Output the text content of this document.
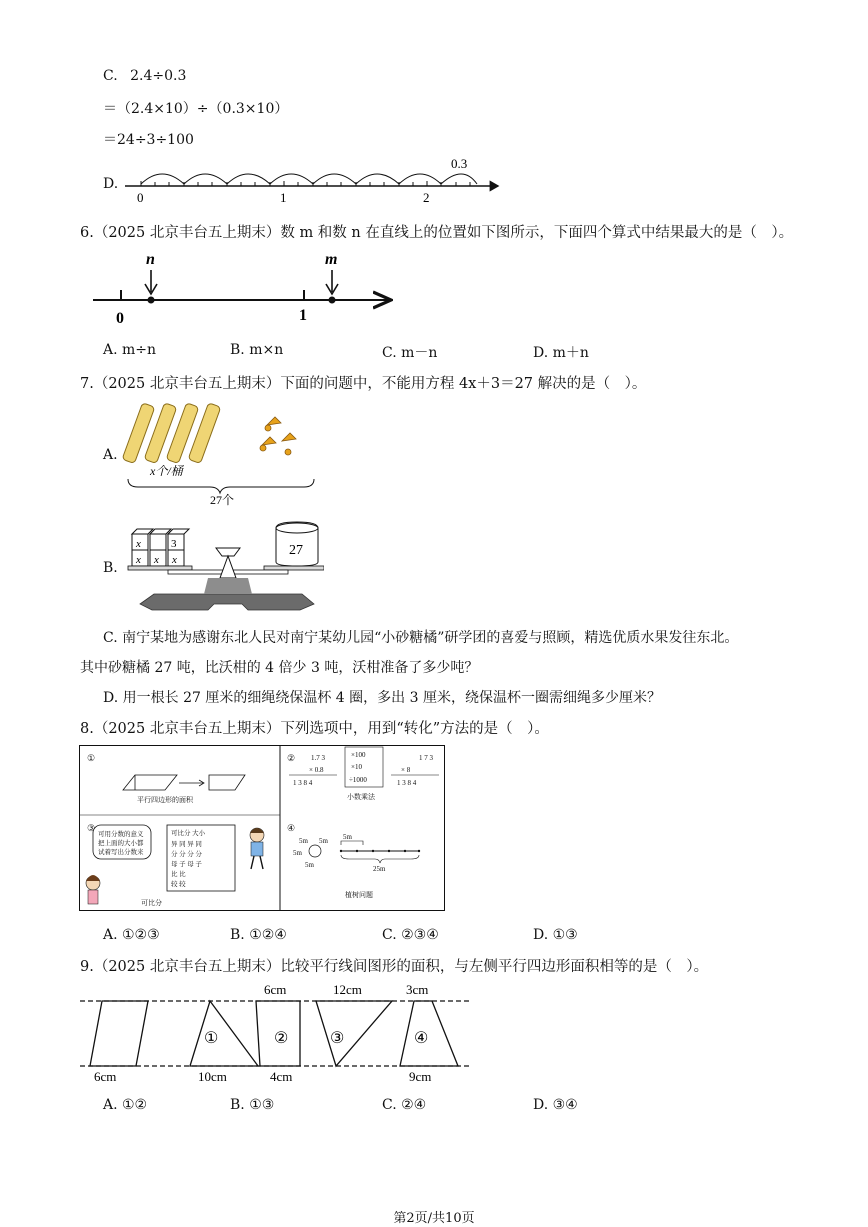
C. 2.4÷0.3
＝（2.4×10）÷（0.3×10）
＝24÷3÷100
D.
0	1	2
0.3
6.（2025 北京丰台五上期末）数 m 和数 n 在直线上的位置如下图所示，下面四个算式中结果最大的是（　）。
n	m
0	1
A. m÷n	B. m×n	C. m－n	D. m＋n
7.（2025 北京丰台五上期末）下面的问题中，不能用方程 4x＋3＝27 解决的是（　）。
A.
x个/桶
27个
B.
x	3
x x x
27
C. 南宁某地为感谢东北人民对南宁某幼儿园“小砂糖橘”研学团的喜爱与照顾，精选优质水果发往东北。
其中砂糖橘 27 吨，比沃柑的 4 倍少 3 吨，沃柑准备了多少吨？
D. 用一根长 27 厘米的细绳绕保温杯 4 圈，多出 3 厘米，绕保温杯一圈需细绳多少厘米？
8.（2025 北京丰台五上期末）下列选项中，用到“转化”方法的是（　）。
①
平行四边形的面积
③
可用分数的意义
把上面的大小都
试着写出分数来
可比分 大小
异 同 异 同
分 分 分 分
母 子 母 子
比 比
较 较
可比分
② 1.7 3
× 0.8
1 3 8 4
×100
×10
÷1000
小数乘法
1 7 3
× 8
1 3 8 4
④
5m 5m
5m
5m
5m
25m
植树问题
A. ①②③	B. ①②④	C. ②③④	D. ①③
9.（2025 北京丰台五上期末）比较平行线间图形的面积，与左侧平行四边形面积相等的是（　）。
6cm	12cm	3cm
6cm	10cm	4cm	9cm
①	②	③	④
A. ①②	B. ①③	C. ②④	D. ③④
第2页/共10页
